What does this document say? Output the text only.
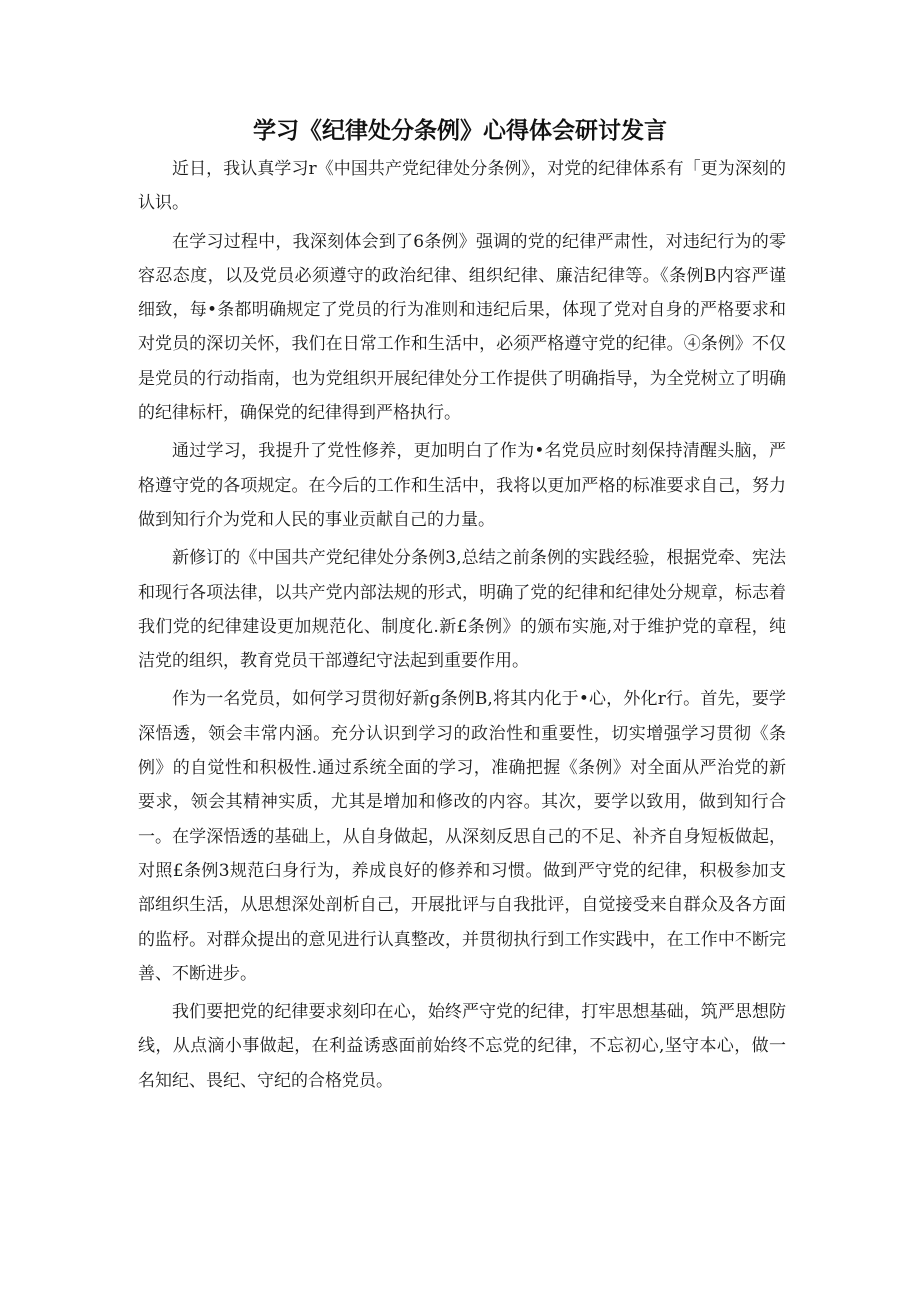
学习《纪律处分条例》心得体会研讨发言

近日，我认真学习r《中国共产党纪律处分条例》，对党的纪律体系有「更为深刻的认识。

在学习过程中，我深刻体会到了6条例》强调的党的纪律严肃性，对违纪行为的零容忍态度，以及党员必须遵守的政治纪律、组织纪律、廉洁纪律等。《条例B内容严谨细致，每•条都明确规定了党员的行为准则和违纪后果，体现了党对自身的严格要求和对党员的深切关怀，我们在日常工作和生活中，必须严格遵守党的纪律。④条例》不仅是党员的行动指南，也为党组织开展纪律处分工作提供了明确指导，为全党树立了明确的纪律标杆，确保党的纪律得到严格执行。

通过学习，我提升了党性修养，更加明白了作为•名党员应时刻保持清醒头脑，严格遵守党的各项规定。在今后的工作和生活中，我将以更加严格的标准要求自己，努力做到知行介为党和人民的事业贡献自己的力量。

新修订的《中国共产党纪律处分条例3,总结之前条例的实践经验，根据党牵、宪法和现行各项法律，以共产党内部法规的形式，明确了党的纪律和纪律处分规章，标志着我们党的纪律建设更加规范化、制度化.新£条例》的颁布实施,对于维护党的章程，纯洁党的组织，教育党员干部遵纪守法起到重要作用。

作为一名党员，如何学习贯彻好新g条例B,将其内化于•心，外化r行。首先，要学深悟透，领会丰常内涵。充分认识到学习的政治性和重要性，切实增强学习贯彻《条例》的自觉性和积极性.通过系统全面的学习，准确把握《条例》对全面从严治党的新要求，领会其精神实质，尤其是增加和修改的内容。其次，要学以致用，做到知行合一。在学深悟透的基础上，从自身做起，从深刻反思自己的不足、补齐自身短板做起，对照£条例3规范臼身行为，养成良好的修养和习惯。做到严守党的纪律，积极参加支部组织生活，从思想深处剖析自己，开展批评与自我批评，自觉接受来自群众及各方面的监杼。对群众提出的意见进行认真整改，并贯彻执行到工作实践中，在工作中不断完善、不断进步。

我们要把党的纪律要求刻印在心，始终严守党的纪律，打牢思想基础，筑严思想防线，从点滴小事做起，在利益诱惑面前始终不忘党的纪律，不忘初心,坚守本心，做一名知纪、畏纪、守纪的合格党员。
